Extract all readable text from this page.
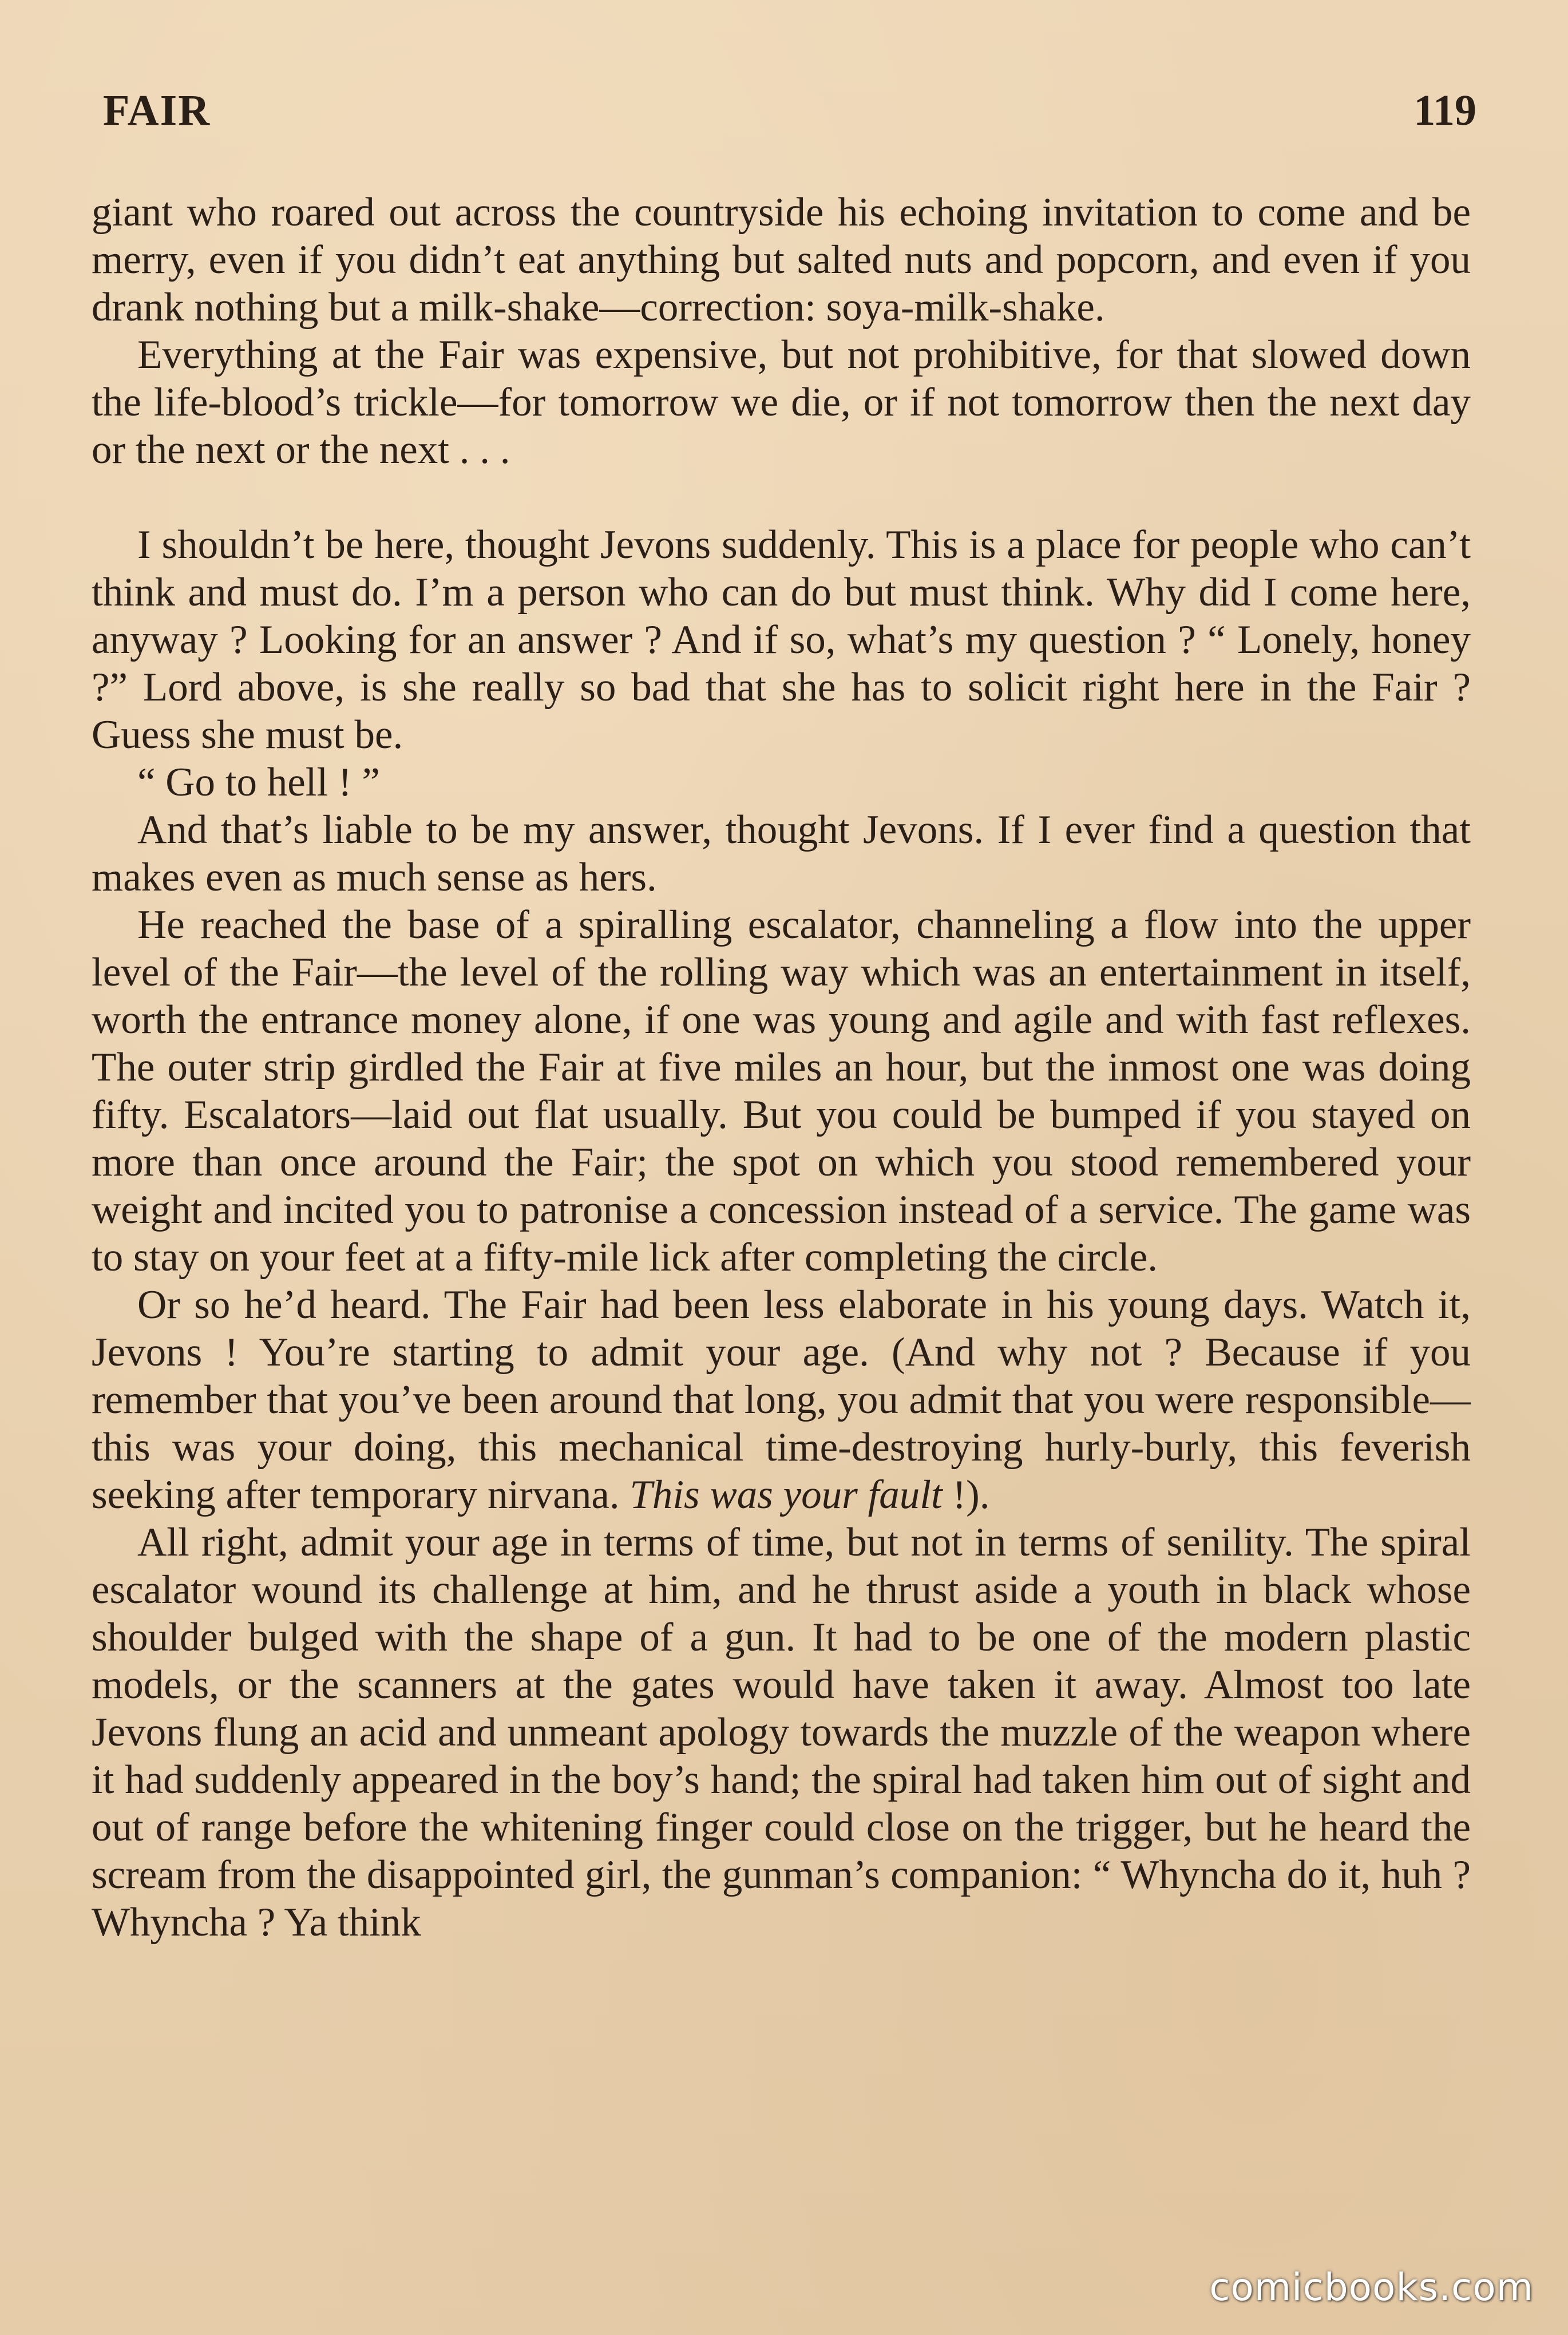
FAIR	119

giant who roared out across the countryside his echoing invitation to come and be merry, even if you didn’t eat anything but salted nuts and popcorn, and even if you drank nothing but a milk-shake—correction: soya-milk-shake.

Everything at the Fair was expensive, but not prohibitive, for that slowed down the life-blood’s trickle—for tomorrow we die, or if not tomorrow then the next day or the next or the next . . .

I shouldn’t be here, thought Jevons suddenly. This is a place for people who can’t think and must do. I’m a person who can do but must think. Why did I come here, anyway ? Looking for an answer ? And if so, what’s my question ? “ Lonely, honey ?” Lord above, is she really so bad that she has to solicit right here in the Fair ? Guess she must be.

“ Go to hell ! ”

And that’s liable to be my answer, thought Jevons. If I ever find a question that makes even as much sense as hers.

He reached the base of a spiralling escalator, channeling a flow into the upper level of the Fair—the level of the rolling way which was an entertainment in itself, worth the entrance money alone, if one was young and agile and with fast reflexes. The outer strip girdled the Fair at five miles an hour, but the inmost one was doing fifty. Escalators—laid out flat usually. But you could be bumped if you stayed on more than once around the Fair; the spot on which you stood remembered your weight and incited you to patronise a concession instead of a service. The game was to stay on your feet at a fifty-mile lick after completing the circle.

Or so he’d heard. The Fair had been less elaborate in his young days. Watch it, Jevons ! You’re starting to admit your age. (And why not ? Because if you remember that you’ve been around that long, you admit that you were responsible—this was your doing, this mechanical time-destroying hurly-burly, this feverish seeking after temporary nirvana. This was your fault !).

All right, admit your age in terms of time, but not in terms of senility. The spiral escalator wound its challenge at him, and he thrust aside a youth in black whose shoulder bulged with the shape of a gun. It had to be one of the modern plastic models, or the scanners at the gates would have taken it away. Almost too late Jevons flung an acid and unmeant apology towards the muzzle of the weapon where it had suddenly appeared in the boy’s hand; the spiral had taken him out of sight and out of range before the whitening finger could close on the trigger, but he heard the scream from the disappointed girl, the gunman’s companion: “ Whyncha do it, huh ? Whyncha ? Ya think

comicbooks.com
